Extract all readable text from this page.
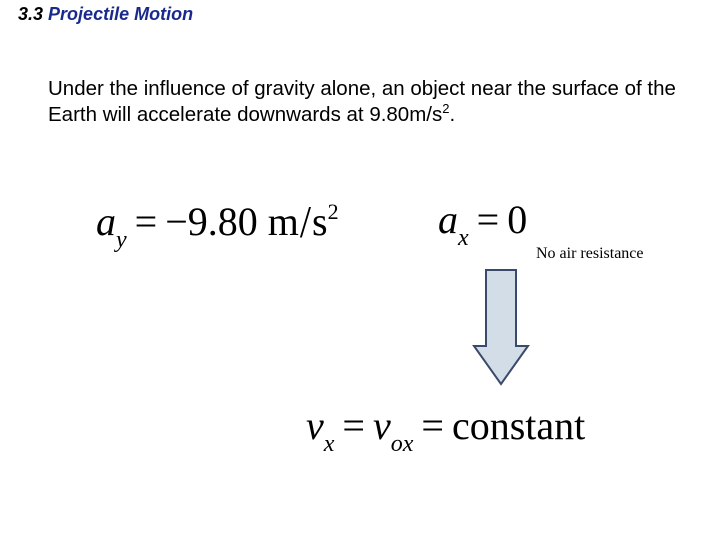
3.3 Projectile Motion
Under the influence of gravity alone, an object near the surface of the Earth will accelerate downwards at $9.80m/s^2$.
$a_y = -9.80$ $m/s^2$ $a_x = 0$
No air resistance
$v_x = v_{ox}$ = constant
